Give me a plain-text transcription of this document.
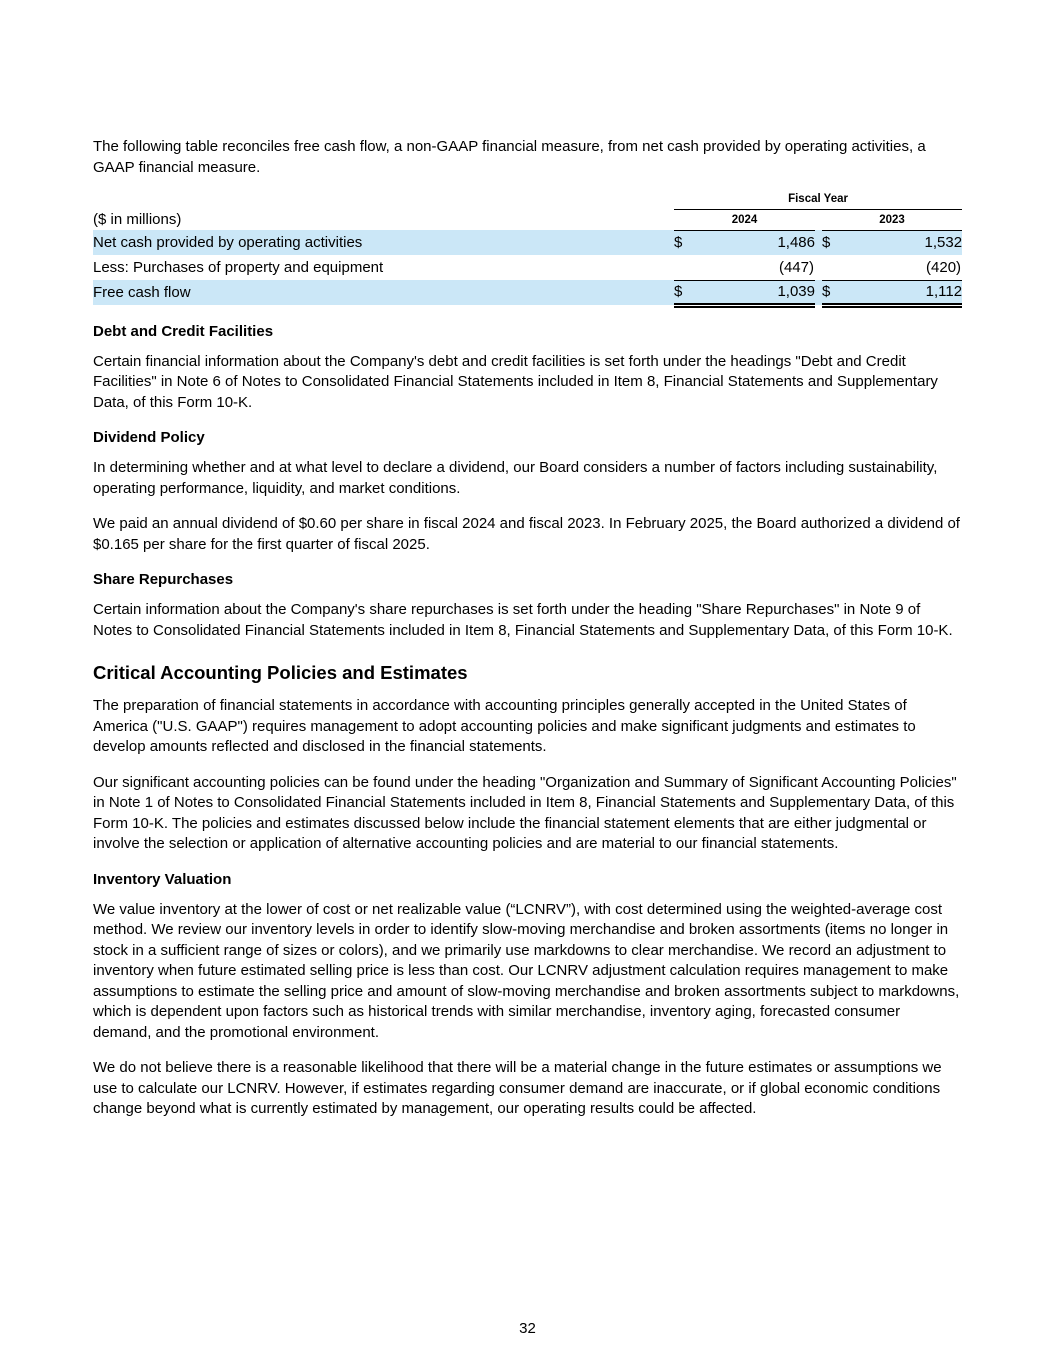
The following table reconciles free cash flow, a non-GAAP financial measure, from net cash provided by operating activities, a GAAP financial measure.

	Fiscal Year				
($ in millions)	2024			2023	
Net cash provided by operating activities	$	1,486		$	1,532
Less: Purchases of property and equipment		(447)			(420)
Free cash flow	$	1,039		$	1,112
Debt and Credit Facilities

Certain financial information about the Company's debt and credit facilities is set forth under the headings "Debt and Credit Facilities" in Note 6 of Notes to Consolidated Financial Statements included in Item 8, Financial Statements and Supplementary Data, of this Form 10-K.

Dividend Policy

In determining whether and at what level to declare a dividend, our Board considers a number of factors including sustainability, operating performance, liquidity, and market conditions.

We paid an annual dividend of $0.60 per share in fiscal 2024 and fiscal 2023. In February 2025, the Board authorized a dividend of $0.165 per share for the first quarter of fiscal 2025.

Share Repurchases

Certain information about the Company's share repurchases is set forth under the heading "Share Repurchases" in Note 9 of Notes to Consolidated Financial Statements included in Item 8, Financial Statements and Supplementary Data, of this Form 10-K.

Critical Accounting Policies and Estimates

The preparation of financial statements in accordance with accounting principles generally accepted in the United States of America ("U.S. GAAP") requires management to adopt accounting policies and make significant judgments and estimates to develop amounts reflected and disclosed in the financial statements.

Our significant accounting policies can be found under the heading "Organization and Summary of Significant Accounting Policies" in Note 1 of Notes to Consolidated Financial Statements included in Item 8, Financial Statements and Supplementary Data, of this Form 10-K. The policies and estimates discussed below include the financial statement elements that are either judgmental or involve the selection or application of alternative accounting policies and are material to our financial statements.

Inventory Valuation

We value inventory at the lower of cost or net realizable value (“LCNRV”), with cost determined using the weighted-average cost method. We review our inventory levels in order to identify slow-moving merchandise and broken assortments (items no longer in stock in a sufficient range of sizes or colors), and we primarily use markdowns to clear merchandise. We record an adjustment to inventory when future estimated selling price is less than cost. Our LCNRV adjustment calculation requires management to make assumptions to estimate the selling price and amount of slow-moving merchandise and broken assortments subject to markdowns, which is dependent upon factors such as historical trends with similar merchandise, inventory aging, forecasted consumer demand, and the promotional environment.

We do not believe there is a reasonable likelihood that there will be a material change in the future estimates or assumptions we use to calculate our LCNRV. However, if estimates regarding consumer demand are inaccurate, or if global economic conditions change beyond what is currently estimated by management, our operating results could be affected.

32
